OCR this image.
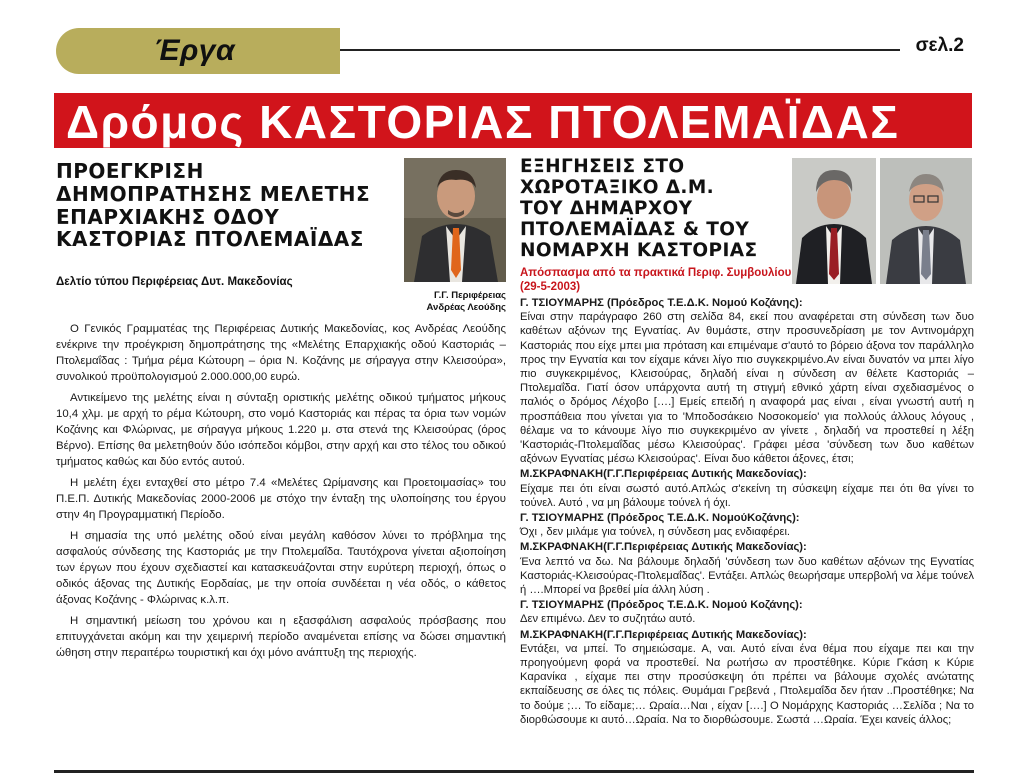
Έργα	σελ.2
Δρόμος ΚΑΣΤΟΡΙΑΣ ΠΤΟΛΕΜΑΪΔΑΣ
ΠΡΟΕΓΚΡΙΣΗ
ΔΗΜΟΠΡΑΤΗΣΗΣ ΜΕΛΕΤΗΣ
ΕΠΑΡΧΙΑΚΗΣ ΟΔΟΥ
ΚΑΣΤΟΡΙΑΣ ΠΤΟΛΕΜΑΪΔΑΣ
Δελτίο τύπου Περιφέρειας Δυτ. Μακεδονίας
Γ.Γ. Περιφέρειας
Ανδρέας Λεούδης

Ο Γενικός Γραμματέας της Περιφέρειας Δυτικής Μακεδονίας, κος Ανδρέας Λεούδης ενέκρινε την προέγκριση δημοπράτησης της «Μελέτης Επαρχιακής οδού Καστοριάς – Πτολεμαΐδας : Τμήμα ρέμα Κώτουρη – όρια Ν. Κοζάνης με σήραγγα στην Κλεισούρα», συνολικού προϋπολογισμού 2.000.000,00 ευρώ.

Αντικείμενο της μελέτης είναι η σύνταξη οριστικής μελέτης οδικού τμήματος μήκους 10,4 χλμ. με αρχή το ρέμα Κώτουρη, στο νομό Καστοριάς και πέρας τα όρια των νομών Κοζάνης και Φλώρινας, με σήραγγα μήκους 1.220 μ. στα στενά της Κλεισούρας (όρος Βέρνο). Επίσης θα μελετηθούν δύο ισόπεδοι κόμβοι, στην αρχή και στο τέλος του οδικού τμήματος καθώς και δύο εντός αυτού.

Η μελέτη έχει ενταχθεί στο μέτρο 7.4 «Μελέτες Ωρίμανσης και Προετοιμασίας» του Π.Ε.Π. Δυτικής Μακεδονίας 2000-2006 με στόχο την ένταξη της υλοποίησης του έργου στην 4η Προγραμματική Περίοδο.

Η σημασία της υπό μελέτης οδού είναι μεγάλη καθόσον λύνει το πρόβλημα της ασφαλούς σύνδεσης της Καστοριάς με την Πτολεμαΐδα. Ταυτόχρονα γίνεται αξιοποίηση των έργων που έχουν σχεδιαστεί και κατασκευάζονται στην ευρύτερη περιοχή, όπως ο οδικός άξονας της Δυτικής Εορδαίας, με την οποία συνδέεται η νέα οδός, ο κάθετος άξονας Κοζάνης - Φλώρινας κ.λ.π.

Η σημαντική μείωση του χρόνου και η εξασφάλιση ασφαλούς πρόσβασης που επιτυγχάνεται ακόμη και την χειμερινή περίοδο αναμένεται επίσης να δώσει σημαντική ώθηση στην περαιτέρω τουριστική και όχι μόνο ανάπτυξη της περιοχής.

ΕΞΗΓΗΣΕΙΣ ΣΤΟ
ΧΩΡΟΤΑΞΙΚΟ Δ.Μ.
ΤΟΥ ΔΗΜΑΡΧΟΥ
ΠΤΟΛΕΜΑΪΔΑΣ & ΤΟΥ
ΝΟΜΑΡΧΗ ΚΑΣΤΟΡΙΑΣ
Απόσπασμα από τα πρακτικά Περιφ. Συμβουλίου
(29-5-2003)
Γ. ΤΣΙΟΥΜΑΡΗΣ (Πρόεδρος Τ.Ε.Δ.Κ. Νομού Κοζάνης):
Είναι στην παράγραφο 260 στη σελίδα 84, εκεί που αναφέρεται στη σύνδεση των δυο καθέτων αξόνων της Εγνατίας. Αν θυμάστε, στην προσυνεδρίαση με τον Αντινομάρχη Καστοριάς που είχε μπει μια πρόταση και επιμέναμε σ'αυτό το βόρειο άξονα τον παράλληλο προς την Εγνατία και τον είχαμε κάνει λίγο πιο συγκεκριμένο.Αν είναι δυνατόν να μπει λίγο πιο συγκεκριμένος, Κλεισούρας, δηλαδή είναι η σύνδεση αν θέλετε Καστοριάς – Πτολεμαΐδα. Γιατί όσον υπάρχοντα αυτή τη στιγμή εθνικό χάρτη είναι σχεδιασμένος ο παλιός ο δρόμος Λέχοβο [….] Εμείς επειδή η αναφορά μας είναι , είναι γνωστή αυτή η προσπάθεια που γίνεται για το 'Μποδοσάκειο Νοσοκομείο' για πολλούς άλλους λόγους , θέλαμε να το κάνουμε λίγο πιο συγκεκριμένο αν γίνετε , δηλαδή να προστεθεί η λέξη 'Καστοριάς-Πτολεμαΐδας μέσω Κλεισούρας'. Γράφει μέσα 'σύνδεση των δυο καθέτων αξόνων Εγνατίας μέσω Κλεισούρας'. Είναι δυο κάθετοι άξονες, έτσι;
Μ.ΣΚΡΑΦΝΑΚΗ(Γ.Γ.Περιφέρειας Δυτικής Μακεδονίας):
Είχαμε πει ότι είναι σωστό αυτό.Απλώς σ'εκείνη τη σύσκεψη είχαμε πει ότι θα γίνει το τούνελ. Αυτό , να μη βάλουμε τούνελ ή όχι.
Γ. ΤΣΙΟΥΜΑΡΗΣ (Πρόεδρος Τ.Ε.Δ.Κ. ΝομούΚοζάνης):
Όχι , δεν μιλάμε για τούνελ, η σύνδεση μας ενδιαφέρει.
Μ.ΣΚΡΑΦΝΑΚΗ(Γ.Γ.Περιφέρειας Δυτικής Μακεδονίας):
Ένα λεπτό να δω. Να βάλουμε δηλαδή 'σύνδεση των δυο καθέτων αξόνων της Εγνατίας Καστοριάς-Κλεισούρας-Πτολεμαΐδας'. Εντάξει. Απλώς θεωρήσαμε υπερβολή να λέμε τούνελ ή ….Μπορεί να βρεθεί μία άλλη λύση .
Γ. ΤΣΙΟΥΜΑΡΗΣ (Πρόεδρος Τ.Ε.Δ.Κ. Νομού Κοζάνης):
Δεν επιμένω. Δεν το συζητάω αυτό.
Μ.ΣΚΡΑΦΝΑΚΗ(Γ.Γ.Περιφέρειας Δυτικής Μακεδονίας):
Εντάξει, να μπεί. Το σημειώσαμε. Α, ναι. Αυτό είναι ένα θέμα που είχαμε πει και την προηγούμενη φορά να προστεθεί. Να ρωτήσω αν προστέθηκε. Κύριε Γκάση κ Κύριε Καρανίκα , είχαμε πει στην προσύσκεψη ότι πρέπει να βάλουμε σχολές ανώτατης εκπαίδευσης σε όλες τις πόλεις. Θυμάμαι Γρεβενά , Πτολεμαΐδα δεν ήταν ..Προστέθηκε; Να το δούμε ;… Το είδαμε;… Ωραία…Ναι , είχαν [….] Ο Νομάρχης Καστοριάς …Σελίδα ; Να το διορθώσουμε κι αυτό…Ωραία. Να το διορθώσουμε. Σωστά …Ωραία. Έχει κανείς άλλος;
